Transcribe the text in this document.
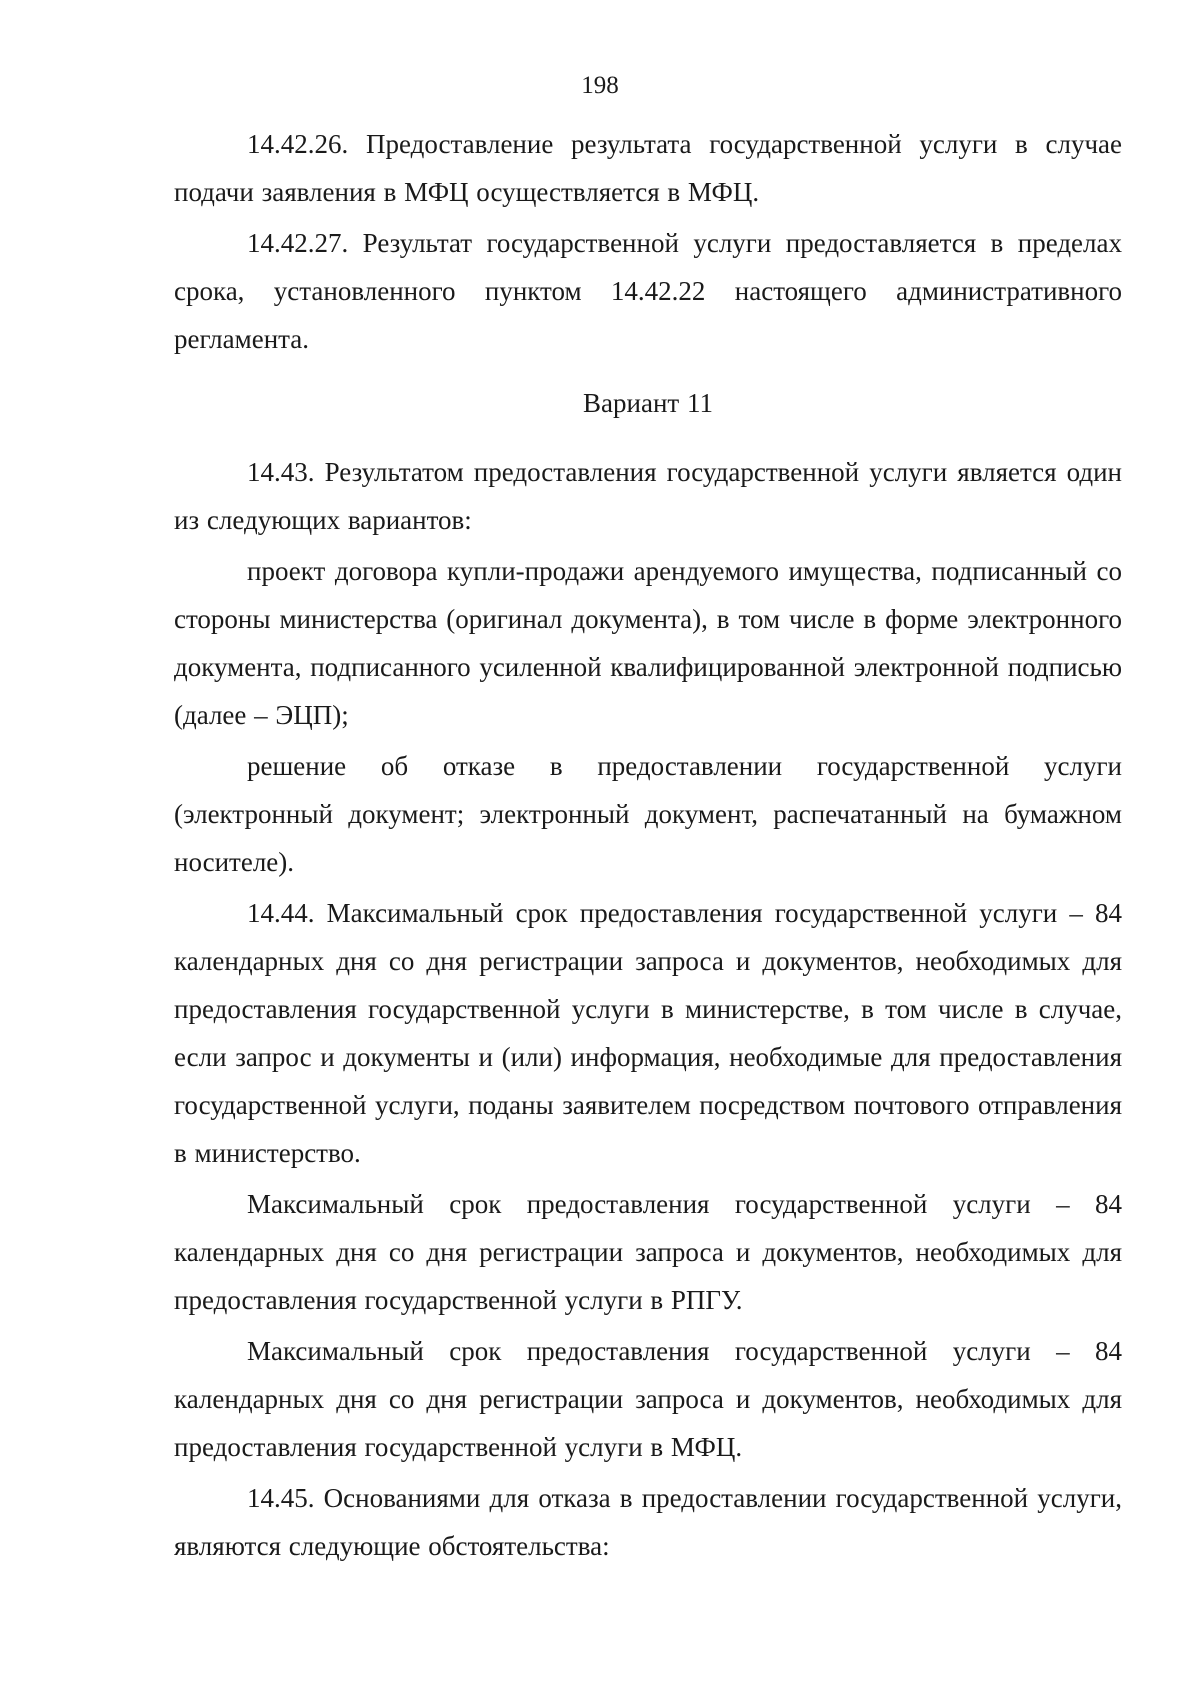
198

14.42.26. Предоставление результата государственной услуги в случае подачи заявления в МФЦ осуществляется в МФЦ.

14.42.27. Результат государственной услуги предоставляется в пределах срока, установленного пунктом 14.42.22 настоящего административного регламента.

Вариант 11

14.43. Результатом предоставления государственной услуги является один из следующих вариантов:

проект договора купли-продажи арендуемого имущества, подписанный со стороны министерства (оригинал документа), в том числе в форме электронного документа, подписанного усиленной квалифицированной электронной подписью (далее – ЭЦП);

решение об отказе в предоставлении государственной услуги (электронный документ; электронный документ, распечатанный на бумажном носителе).

14.44. Максимальный срок предоставления государственной услуги – 84 календарных дня со дня регистрации запроса и документов, необходимых для предоставления государственной услуги в министерстве, в том числе в случае, если запрос и документы и (или) информация, необходимые для предоставления государственной услуги, поданы заявителем посредством почтового отправления в министерство.

Максимальный срок предоставления государственной услуги – 84 календарных дня со дня регистрации запроса и документов, необходимых для предоставления государственной услуги в РПГУ.

Максимальный срок предоставления государственной услуги – 84 календарных дня со дня регистрации запроса и документов, необходимых для предоставления государственной услуги в МФЦ.

14.45. Основаниями для отказа в предоставлении государственной услуги, являются следующие обстоятельства:
